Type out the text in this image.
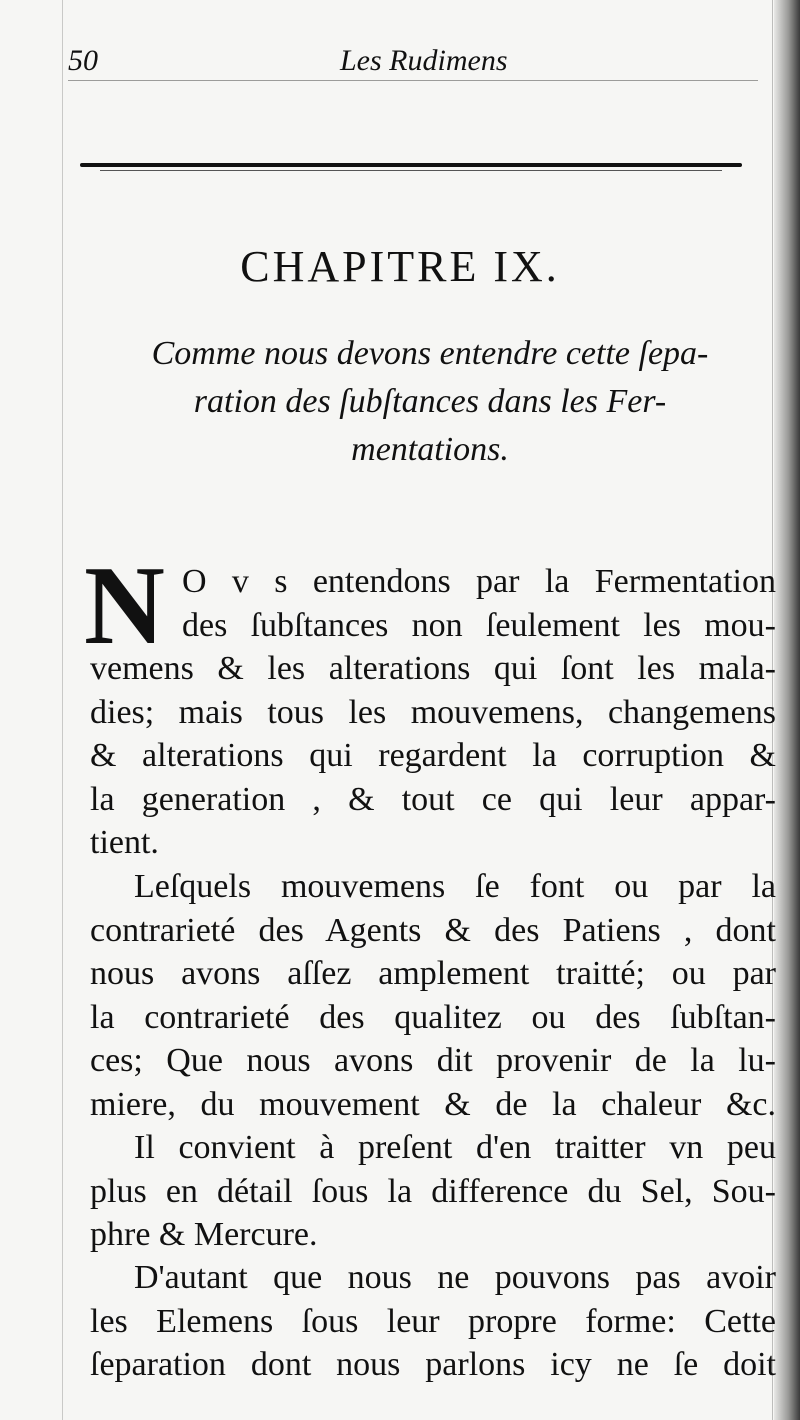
50	Les Rudimens
CHAPITRE IX.
Comme nous devons entendre cette ſepa-
ration des ſubſtances dans les Fer-
mentations.
N O v s entendons par la Fermentation
des ſubſtances non ſeulement les mou-
vemens & les alterations qui ſont les mala-
dies; mais tous les mouvemens, changemens
& alterations qui regardent la corruption &
la generation , & tout ce qui leur appar-
tient.
Leſquels mouvemens ſe font ou par la
contrarieté des Agents & des Patiens , dont
nous avons aſſez amplement traitté; ou par
la contrarieté des qualitez ou des ſubſtan-
ces; Que nous avons dit provenir de la lu-
miere, du mouvement & de la chaleur &c.
Il convient à preſent d'en traitter vn peu
plus en détail ſous la difference du Sel, Sou-
phre & Mercure.
D'autant que nous ne pouvons pas avoir
les Elemens ſous leur propre forme: Cette
ſeparation dont nous parlons icy ne ſe doit
